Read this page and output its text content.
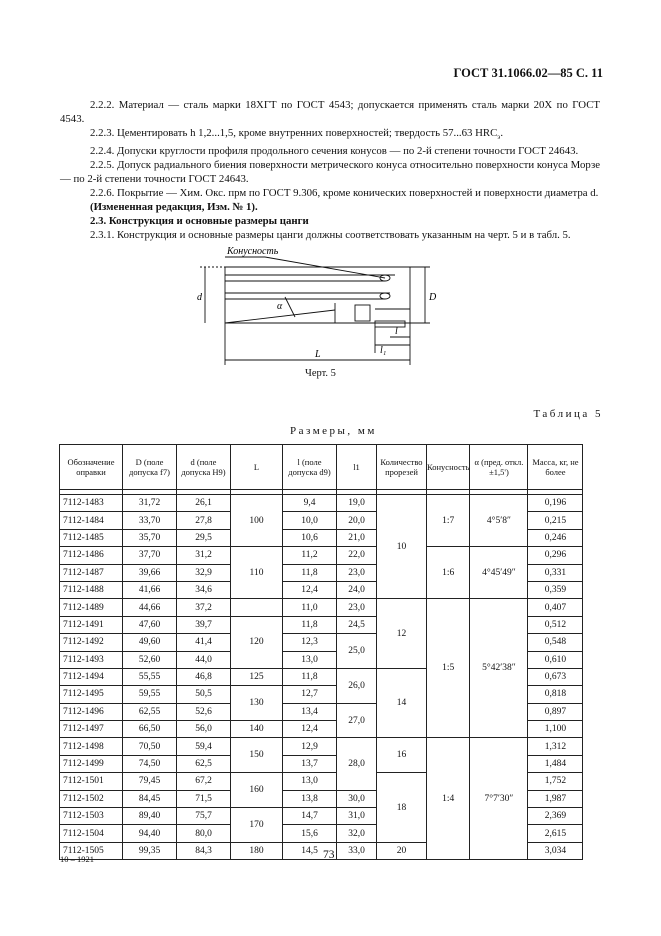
ГОСТ 31.1066.02—85 С. 11

2.2.2. Материал — сталь марки 18ХГТ по ГОСТ 4543; допускается применять сталь марки 20Х по ГОСТ 4543.

2.2.3. Цементировать h 1,2...1,5, кроме внутренних поверхностей; твердость 57...63 $HRC_э$.

2.2.4. Допуски круглости профиля продольного сечения конусов — по 2-й степени точности ГОСТ 24643.

2.2.5. Допуск радиального биения поверхности метрического конуса относительно поверхности конуса Морзе — по 2-й степени точности ГОСТ 24643.

2.2.6. Покрытие — Хим. Окс. прм по ГОСТ 9.306, кроме конических поверхностей и поверхности диаметра d.

(Измененная редакция, Изм. № 1).

2.3. Конструкция и основные размеры цанги

2.3.1. Конструкция и основные размеры цанги должны соответствовать указанным на черт. 5 и в табл. 5.

Конусность
d	D
α
l
l₁
L
Черт. 5
Таблица 5
Размеры, мм
Обозначение оправки	D (поле допуска f7)	d (поле допуска H9)	L	l (поле допуска d9)	l1	Количество прорезей	Конусность	α (пред. откл. ±1,5')	Масса, кг, не более

7112-1483	31,72	26,1	100	9,4	19,0	10	1:7	4°5′8″	0,196
7112-1484	33,70	27,8		10,0	20,0				0,215
7112-1485	35,70	29,5		10,6	21,0				0,246
7112-1486	37,70	31,2	110	11,2	22,0		1:6	4°45′49″	0,296
7112-1487	39,66	32,9		11,8	23,0				0,331
7112-1488	41,66	34,6		12,4	24,0				0,359
7112-1489	44,66	37,2		11,0	23,0	12	1:5	5°42′38″	0,407
7112-1491	47,60	39,7	120	11,8	24,5				0,512
7112-1492	49,60	41,4		12,3	25,0				0,548
7112-1493	52,60	44,0		13,0					0,610
7112-1494	55,55	46,8	125	11,8	26,0	14			0,673
7112-1495	59,55	50,5	130	12,7					0,818
7112-1496	62,55	52,6		13,4	27,0				0,897
7112-1497	66,50	56,0	140	12,4					1,100
7112-1498	70,50	59,4	150	12,9	28,0	16	1:4	7°7′30″	1,312
7112-1499	74,50	62,5		13,7					1,484
7112-1501	79,45	67,2	160	13,0		18			1,752
7112-1502	84,45	71,5		13,8	30,0				1,987
7112-1503	89,40	75,7	170	14,7	31,0				2,369
7112-1504	94,40	80,0		15,6	32,0				2,615
7112-1505	99,35	84,3	180	14,5	33,0	20			3,034
10 – 1921	73
